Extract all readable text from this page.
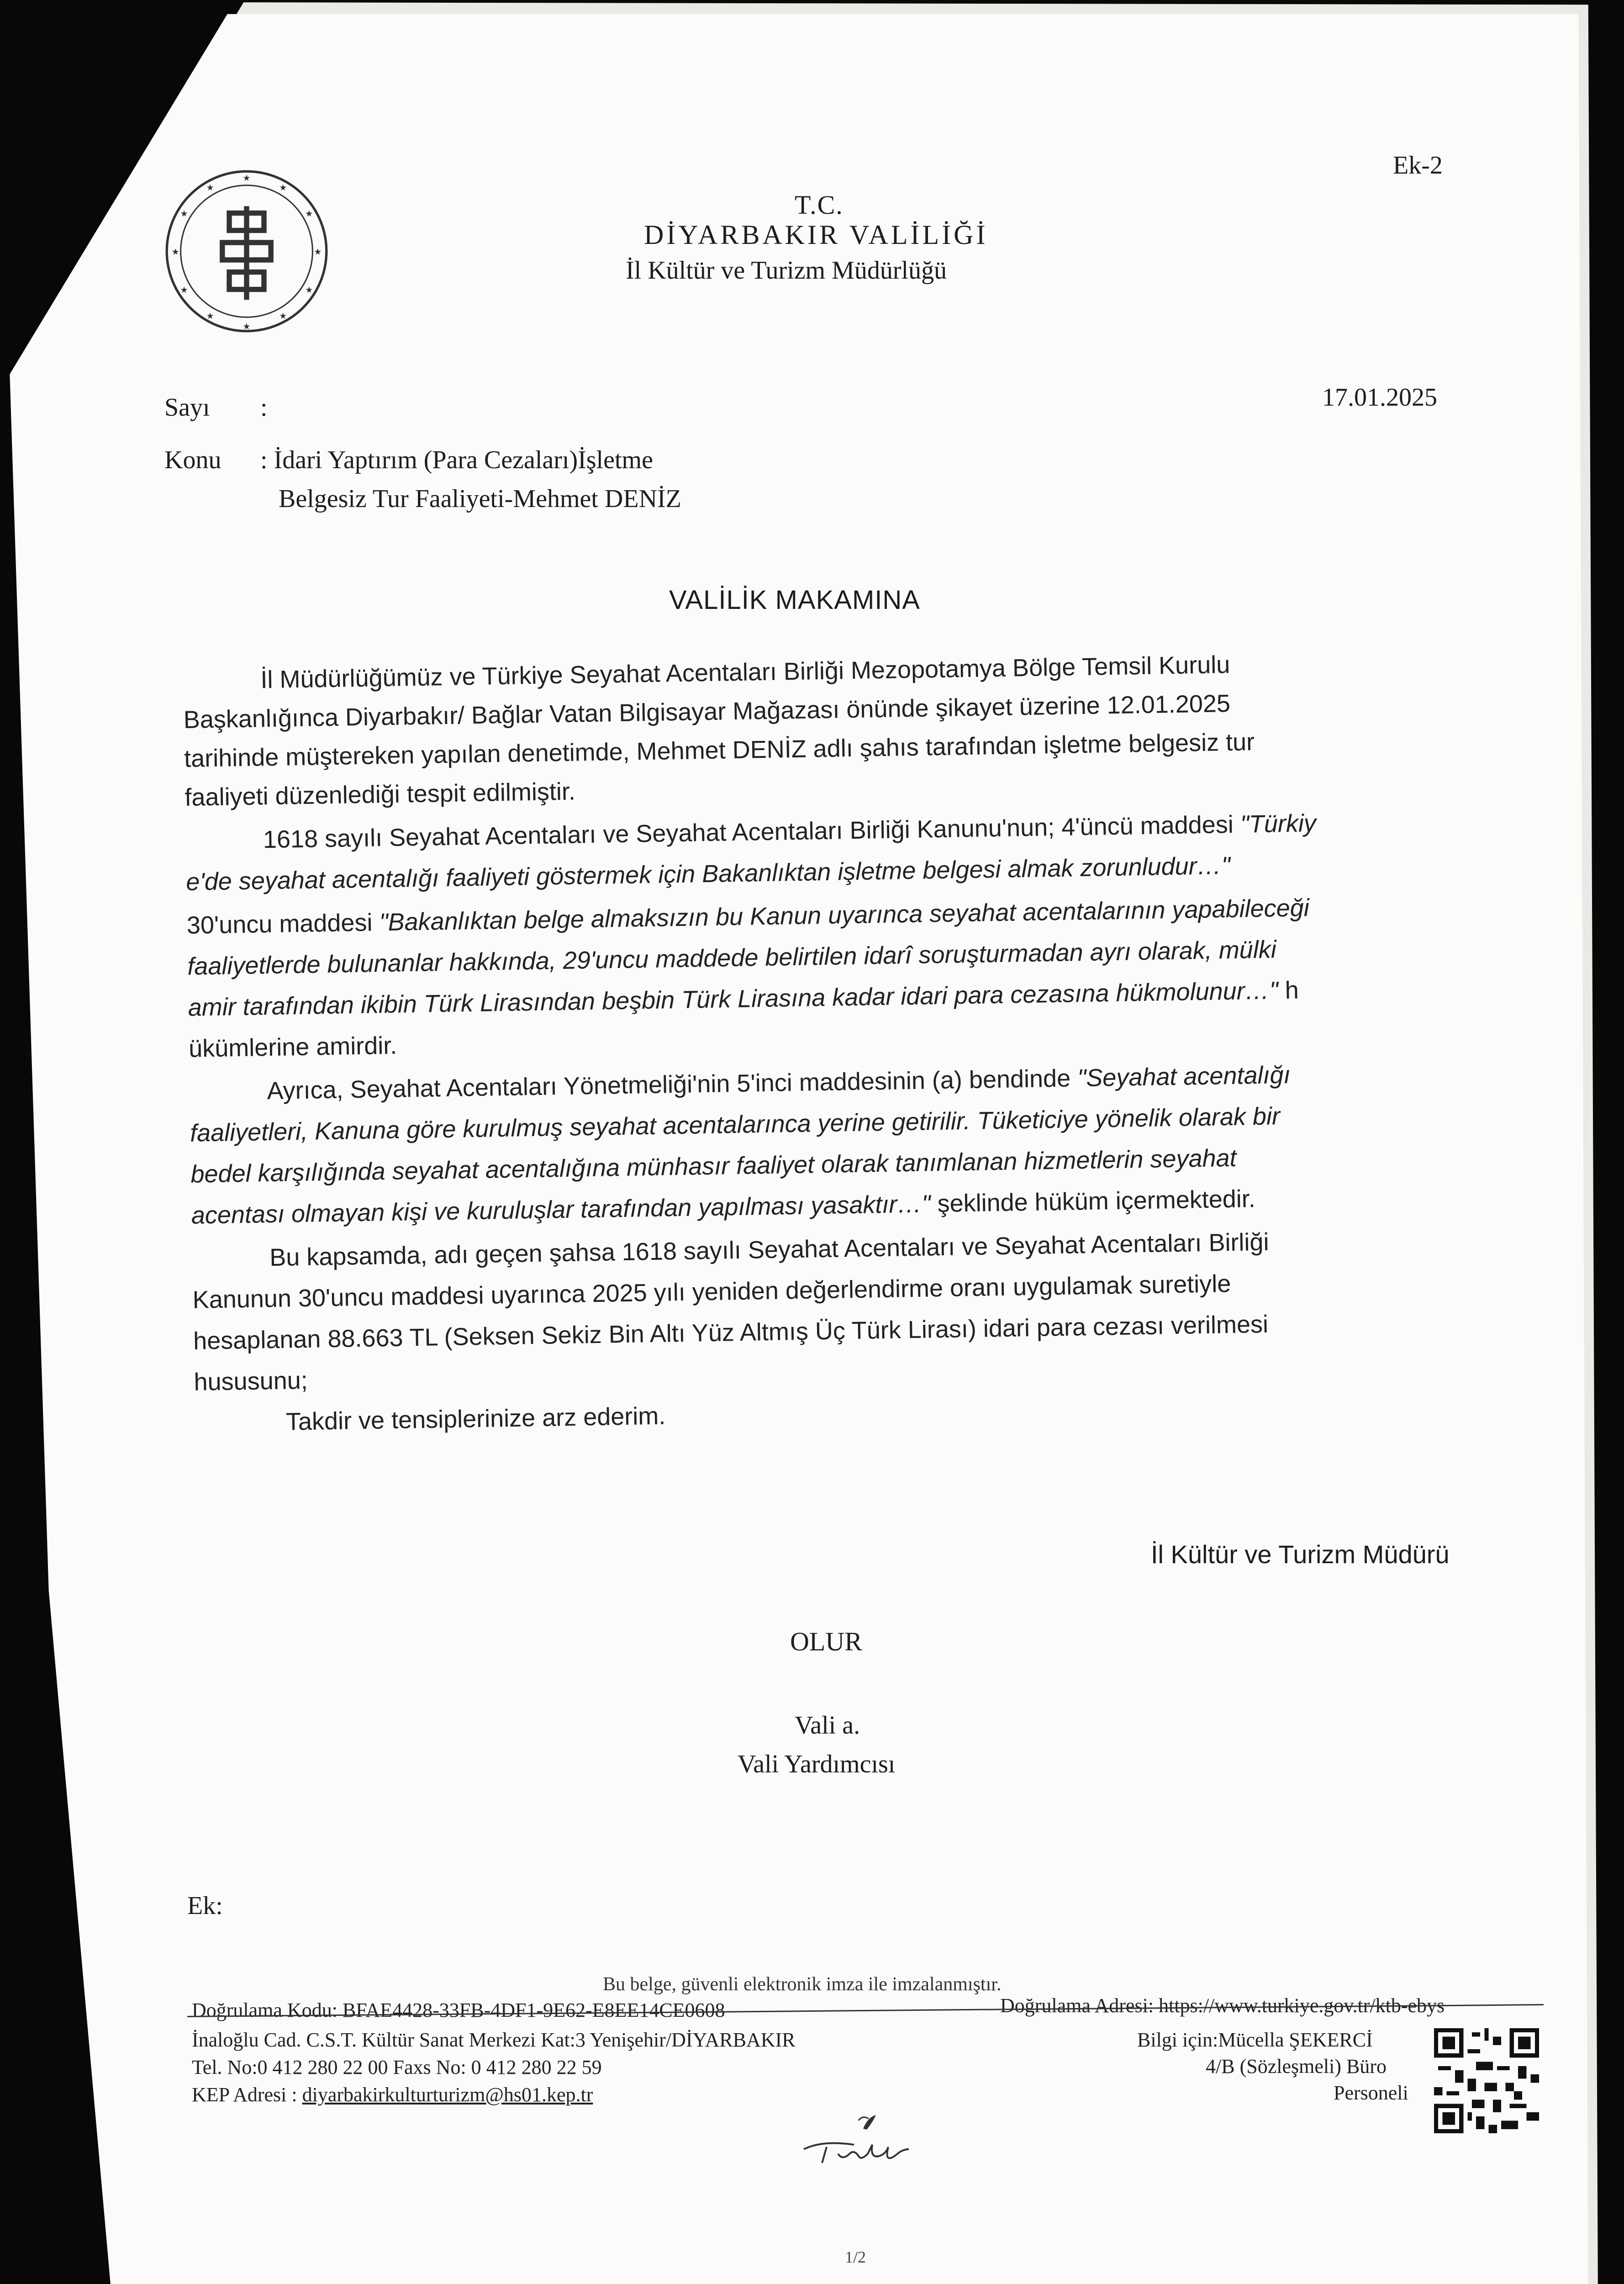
★
★
★
★
★
★
★
★
★
★
★
★
Ek-2
T.C.
DİYARBAKIR VALİLİĞİ
İl Kültür ve Turizm Müdürlüğü
Sayı :	17.01.2025
Konu : İdari Yaptırım (Para Cezaları)İşletme
Belgesiz Tur Faaliyeti-Mehmet DENİZ
VALİLİK MAKAMINA
İl Müdürlüğümüz ve Türkiye Seyahat Acentaları Birliği Mezopotamya Bölge Temsil Kurulu
Başkanlığınca Diyarbakır/ Bağlar Vatan Bilgisayar Mağazası önünde şikayet üzerine 12.01.2025
tarihinde müştereken yapılan denetimde, Mehmet DENİZ adlı şahıs tarafından işletme belgesiz tur
faaliyeti düzenlediği tespit edilmiştir.
1618 sayılı Seyahat Acentaları ve Seyahat Acentaları Birliği Kanunu'nun; 4'üncü maddesi "Türkiy
e'de seyahat acentalığı faaliyeti göstermek için Bakanlıktan işletme belgesi almak zorunludur…"
30'uncu maddesi "Bakanlıktan belge almaksızın bu Kanun uyarınca seyahat acentalarının yapabileceği
faaliyetlerde bulunanlar hakkında, 29'uncu maddede belirtilen idarî soruşturmadan ayrı olarak, mülki
amir tarafından ikibin Türk Lirasından beşbin Türk Lirasına kadar idari para cezasına hükmolunur…" h
ükümlerine amirdir.
Ayrıca, Seyahat Acentaları Yönetmeliği'nin 5'inci maddesinin (a) bendinde "Seyahat acentalığı
faaliyetleri, Kanuna göre kurulmuş seyahat acentalarınca yerine getirilir. Tüketiciye yönelik olarak bir
bedel karşılığında seyahat acentalığına münhasır faaliyet olarak tanımlanan hizmetlerin seyahat
acentası olmayan kişi ve kuruluşlar tarafından yapılması yasaktır…" şeklinde hüküm içermektedir.
Bu kapsamda, adı geçen şahsa 1618 sayılı Seyahat Acentaları ve Seyahat Acentaları Birliği
Kanunun 30'uncu maddesi uyarınca 2025 yılı yeniden değerlendirme oranı uygulamak suretiyle
hesaplanan 88.663 TL (Seksen Sekiz Bin Altı Yüz Altmış Üç Türk Lirası) idari para cezası verilmesi
hususunu;
Takdir ve tensiplerinize arz ederim.
İl Kültür ve Turizm Müdürü
OLUR
Vali a.
Vali Yardımcısı
Ek:
Bu belge, güvenli elektronik imza ile imzalanmıştır.
Doğrulama Kodu: BFAE4428-33FB-4DF1-9E62-E8EE14CE0608	Doğrulama Adresi: https://www.turkiye.gov.tr/ktb-ebys
İnaloğlu Cad. C.S.T. Kültür Sanat Merkezi Kat:3 Yenişehir/DİYARBAKIR
Tel. No:0 412 280 22 00 Faxs No: 0 412 280 22 59
KEP Adresi : diyarbakirkulturturizm@hs01.kep.tr
Bilgi için:Mücella ŞEKERCİ
4/B (Sözleşmeli) Büro
Personeli
1/2
